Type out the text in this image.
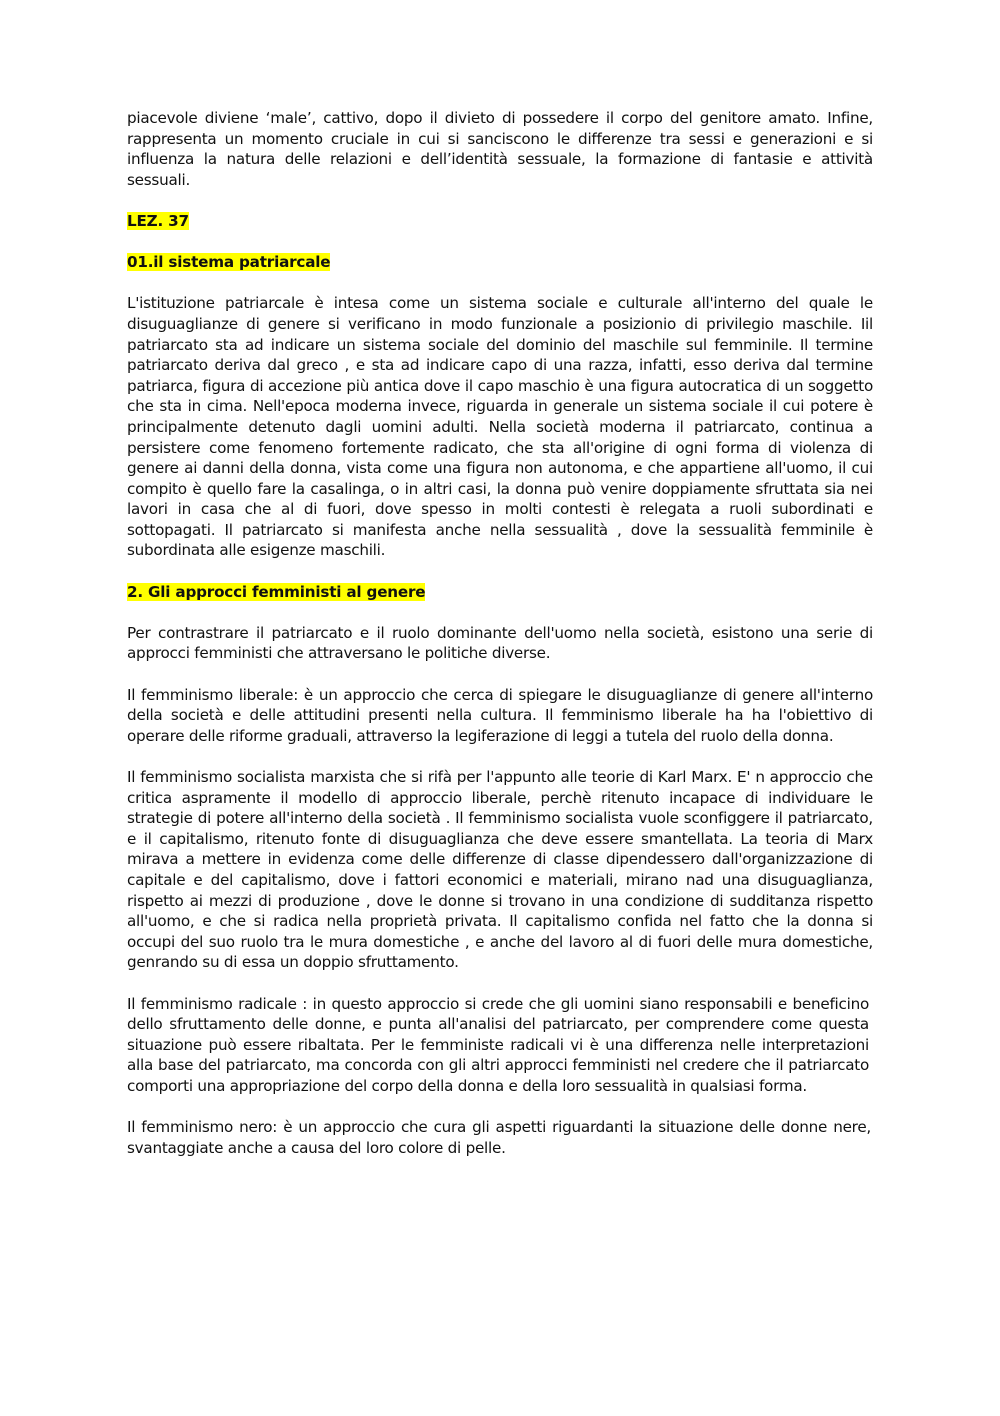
piacevole diviene ‘male’, cattivo, dopo il divieto di possedere il corpo del genitore amato. Infine, rappresenta un momento cruciale in cui si sanciscono le differenze tra sessi e generazioni e si influenza la natura delle relazioni e dell’identità sessuale, la formazione di fantasie e attività sessuali.

LEZ. 37

01.il sistema patriarcale

L'istituzione patriarcale è intesa come un sistema sociale e culturale all'interno del quale le disuguaglianze di genere si verificano in modo funzionale a posizionio di privilegio maschile. Iil patriarcato sta ad indicare un sistema sociale del dominio del maschile sul femminile. Il termine patriarcato deriva dal greco , e sta ad indicare capo di una razza, infatti, esso deriva dal termine patriarca, figura di accezione più antica dove il capo maschio è una figura autocratica di un soggetto che sta in cima. Nell'epoca moderna invece, riguarda in generale un sistema sociale il cui potere è principalmente detenuto dagli uomini adulti. Nella società moderna il patriarcato, continua a persistere come fenomeno fortemente radicato, che sta all'origine di ogni forma di violenza di genere ai danni della donna, vista come una figura non autonoma, e che appartiene all'uomo, il cui compito è quello fare la casalinga, o in altri casi, la donna può venire doppiamente sfruttata sia nei lavori in casa che al di fuori, dove spesso in molti contesti è relegata a ruoli subordinati e sottopagati. Il patriarcato si manifesta anche nella sessualità , dove la sessualità femminile è subordinata alle esigenze maschili.

2. Gli approcci femministi al genere

Per contrastrare il patriarcato e il ruolo dominante dell'uomo nella società, esistono una serie di approcci femministi che attraversano le politiche diverse.

Il femminismo liberale: è un approccio che cerca di spiegare le disuguaglianze di genere all'interno della società e delle attitudini presenti nella cultura. Il femminismo liberale ha ha l'obiettivo di operare delle riforme graduali, attraverso la legiferazione di leggi a tutela del ruolo della donna.

Il femminismo socialista marxista che si rifà per l'appunto alle teorie di Karl Marx. E' n approccio che critica aspramente il modello di approccio liberale, perchè ritenuto incapace di individuare le strategie di potere all'interno della società . Il femminismo socialista vuole sconfiggere il patriarcato, e il capitalismo, ritenuto fonte di disuguaglianza che deve essere smantellata. La teoria di Marx mirava a mettere in evidenza come delle differenze di classe dipendessero dall'organizzazione di capitale e del capitalismo, dove i fattori economici e materiali, mirano nad una disuguaglianza, rispetto ai mezzi di produzione , dove le donne si trovano in una condizione di sudditanza rispetto all'uomo, e che si radica nella proprietà privata. Il capitalismo confida nel fatto che la donna si occupi del suo ruolo tra le mura domestiche , e anche del lavoro al di fuori delle mura domestiche, genrando su di essa un doppio sfruttamento.

Il femminismo radicale : in questo approccio si crede che gli uomini siano responsabili e beneficino dello sfruttamento delle donne, e punta all'analisi del patriarcato, per comprendere come questa situazione può essere ribaltata. Per le femministe radicali vi è una differenza nelle interpretazioni alla base del patriarcato, ma concorda con gli altri approcci femministi nel credere che il patriarcato comporti una appropriazione del corpo della donna e della loro sessualità in qualsiasi forma.

Il femminismo nero: è un approccio che cura gli aspetti riguardanti la situazione delle donne nere, svantaggiate anche a causa del loro colore di pelle.
